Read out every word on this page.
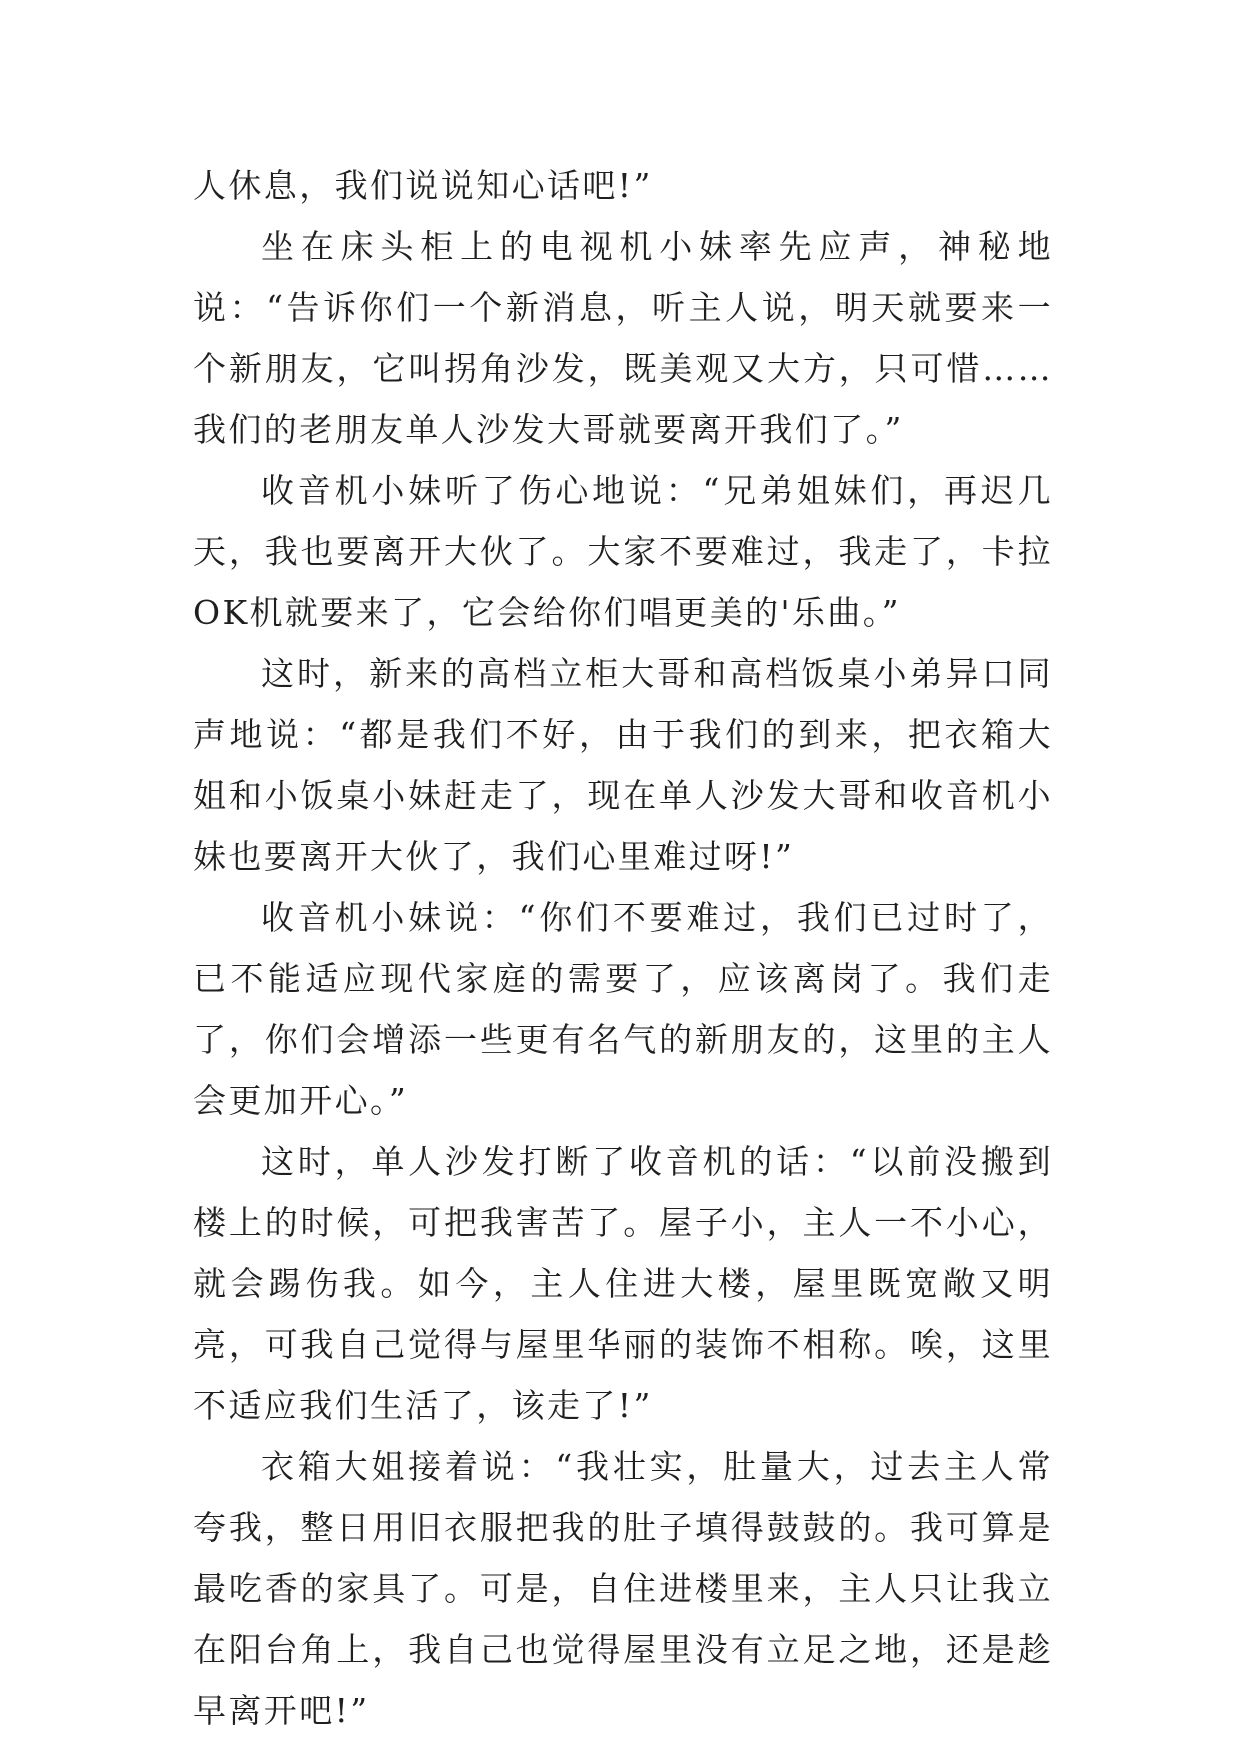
人休息，我们说说知心话吧!”

坐在床头柜上的电视机小妹率先应声，神秘地说：“告诉你们一个新消息，听主人说，明天就要来一个新朋友，它叫拐角沙发，既美观又大方，只可惜……我们的老朋友单人沙发大哥就要离开我们了。”

收音机小妹听了伤心地说：“兄弟姐妹们，再迟几天，我也要离开大伙了。大家不要难过，我走了，卡拉OK机就要来了，它会给你们唱更美的'乐曲。”

这时，新来的高档立柜大哥和高档饭桌小弟异口同声地说：“都是我们不好，由于我们的到来，把衣箱大姐和小饭桌小妹赶走了，现在单人沙发大哥和收音机小妹也要离开大伙了，我们心里难过呀!”

收音机小妹说：“你们不要难过，我们已过时了，已不能适应现代家庭的需要了，应该离岗了。我们走了，你们会增添一些更有名气的新朋友的，这里的主人会更加开心。”

这时，单人沙发打断了收音机的话：“以前没搬到楼上的时候，可把我害苦了。屋子小，主人一不小心，就会踢伤我。如今，主人住进大楼，屋里既宽敞又明亮，可我自己觉得与屋里华丽的装饰不相称。唉，这里不适应我们生活了，该走了!”

衣箱大姐接着说：“我壮实，肚量大，过去主人常夸我，整日用旧衣服把我的肚子填得鼓鼓的。我可算是最吃香的家具了。可是，自住进楼里来，主人只让我立在阳台角上，我自己也觉得屋里没有立足之地，还是趁早离开吧!”
